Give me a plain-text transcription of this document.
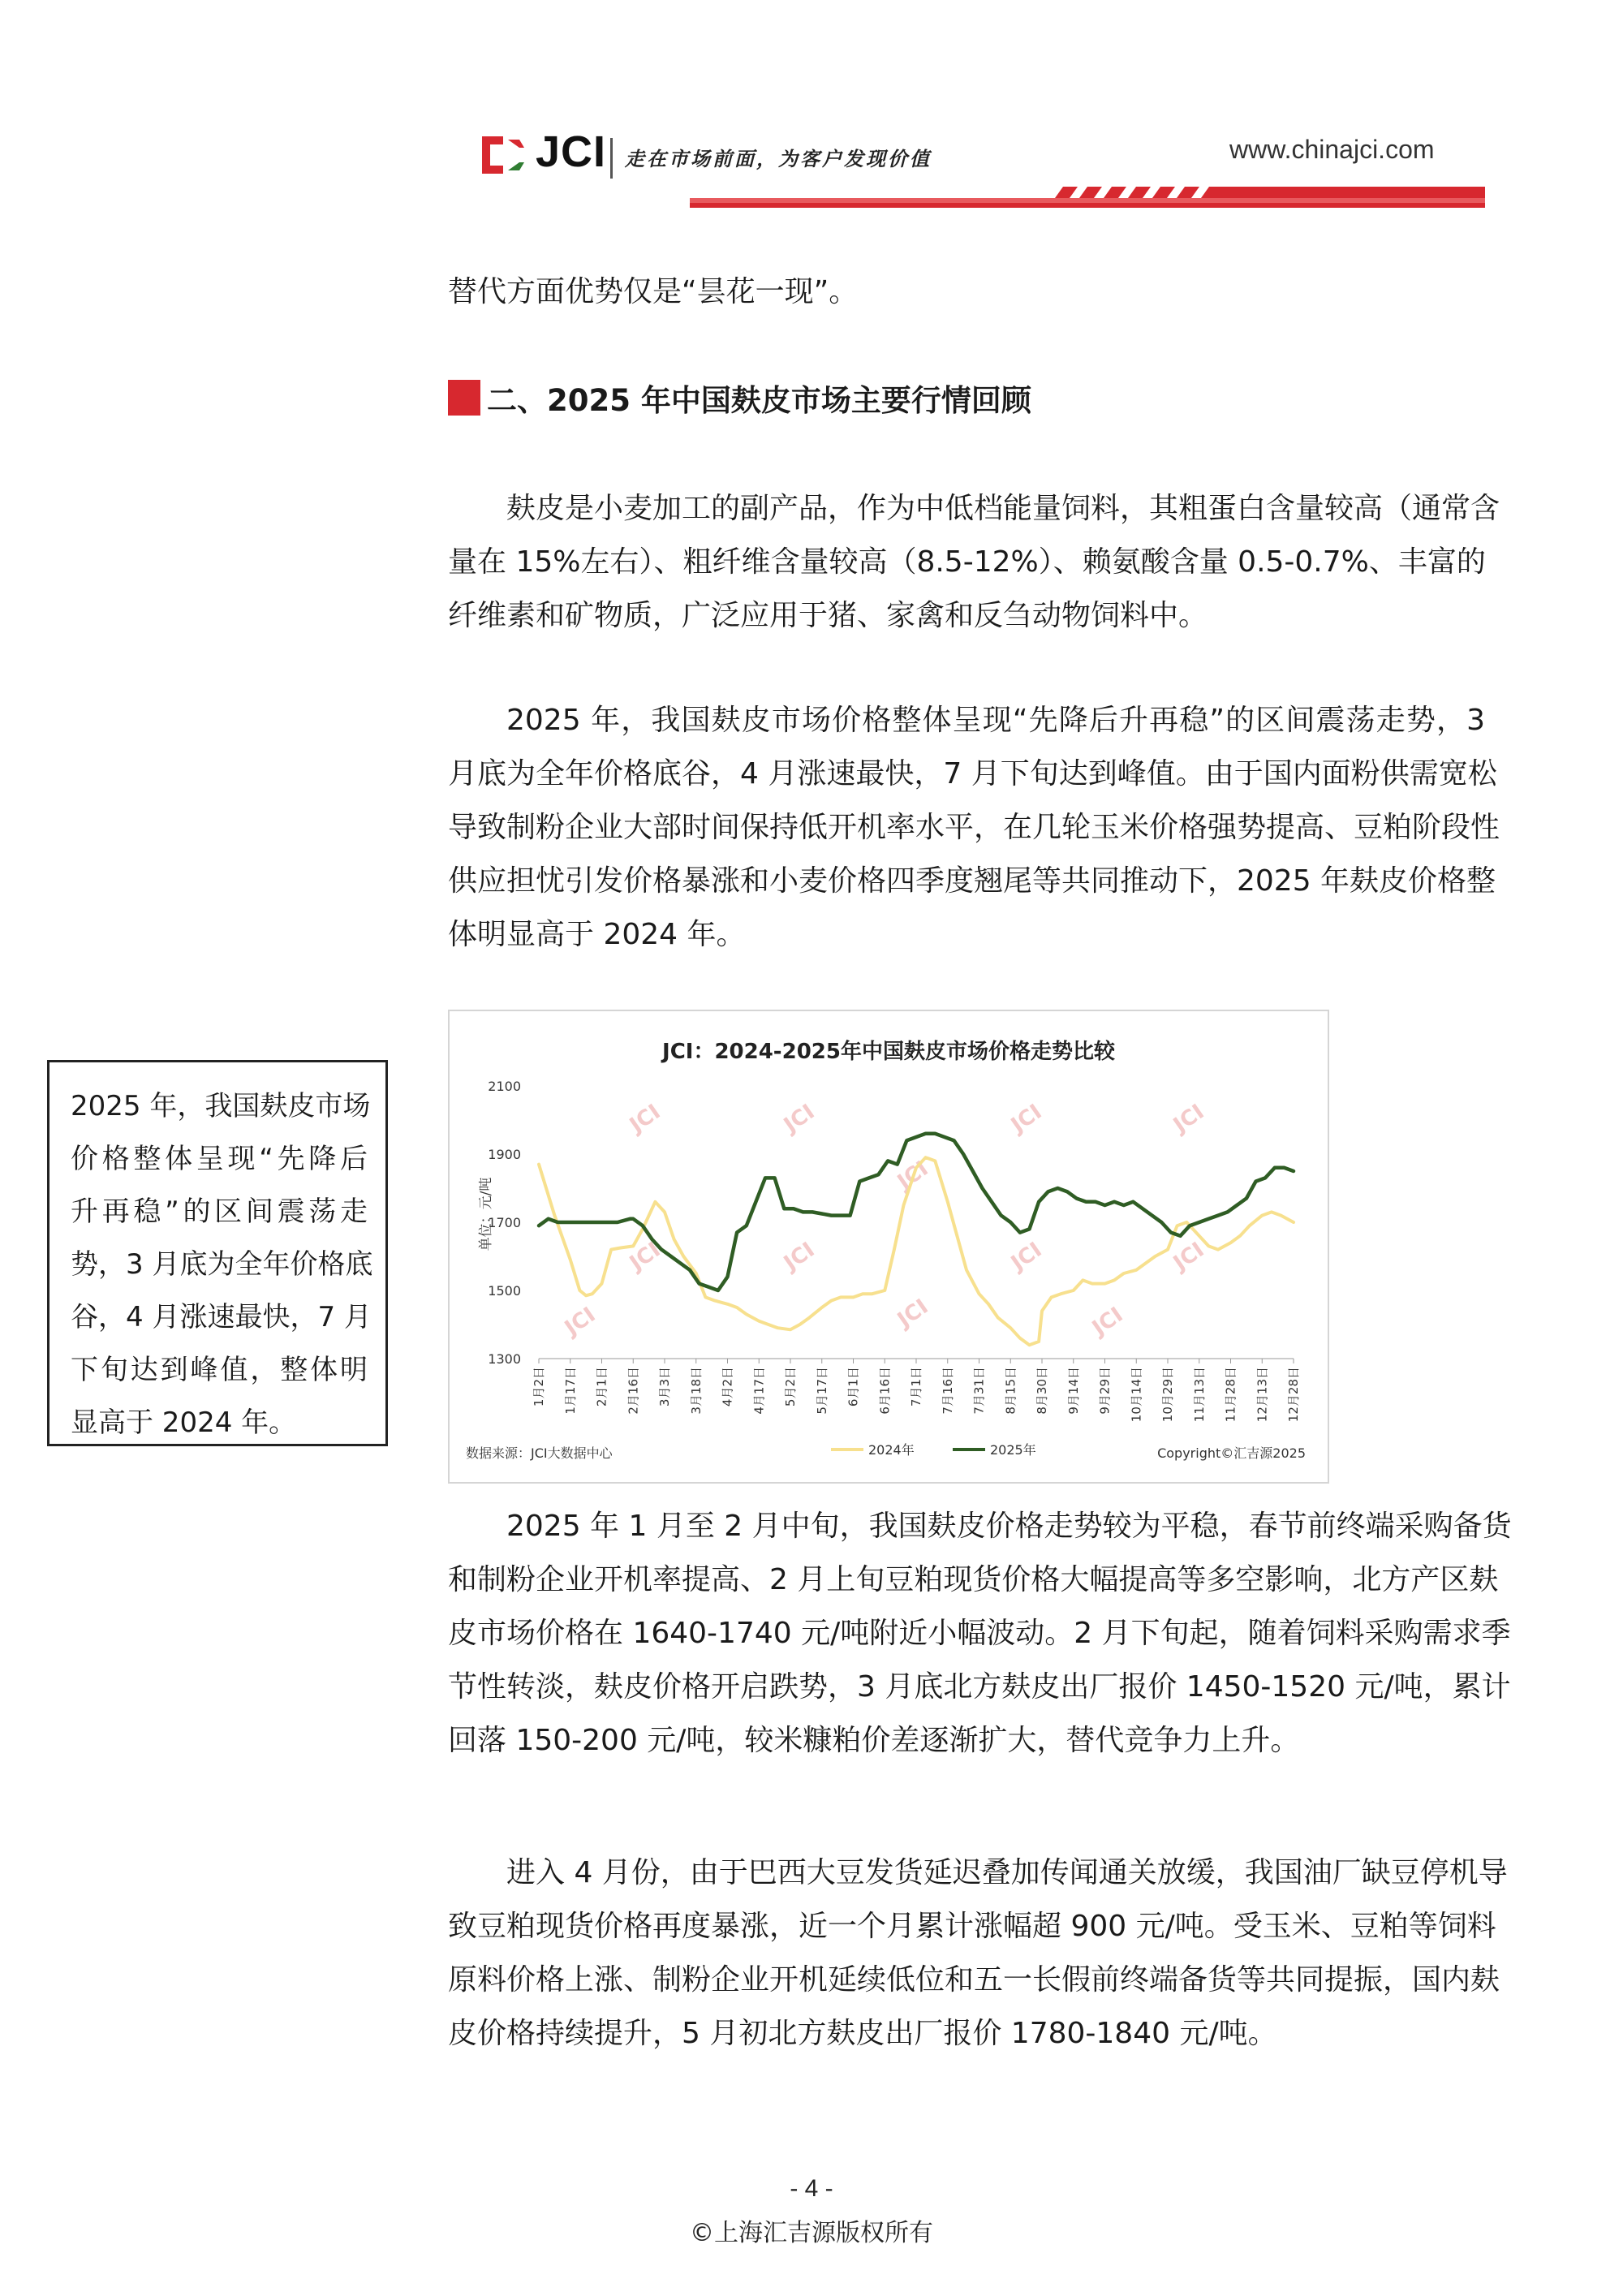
JCI 走在市场前面，为客户发现价值	www.chinajci.com
替代方面优势仅是“昙花一现”。
二、2025 年中国麸皮市场主要行情回顾
麸皮是小麦加工的副产品，作为中低档能量饲料，其粗蛋白含量较高（通常含
量在 15%左右）、粗纤维含量较高（8.5-12%）、赖氨酸含量 0.5-0.7%、丰富的
纤维素和矿物质，广泛应用于猪、家禽和反刍动物饲料中。
2025 年，我国麸皮市场价格整体呈现“先降后升再稳”的区间震荡走势，3
月底为全年价格底谷，4 月涨速最快，7 月下旬达到峰值。由于国内面粉供需宽松
导致制粉企业大部时间保持低开机率水平，在几轮玉米价格强势提高、豆粕阶段性
供应担忧引发价格暴涨和小麦价格四季度翘尾等共同推动下，2025 年麸皮价格整
体明显高于 2024 年。
JCI：2024-2025年中国麸皮市场价格走势比较
单位：元/吨
JCI	JCI	JCI	JCI
JCI	JCI	JCI	JCI
JCI
JCI
JCI	JCI
1300
1500
1700
1900
2100
1月2日 1月17日 2月1日 2月16日 3月3日 3月18日 4月2日 4月17日 5月2日 5月17日 6月1日 6月16日 7月1日 7月16日 7月31日 8月15日 8月30日 9月14日 9月29日 10月14日 10月29日 11月13日 11月28日 12月13日 12月28日
2024年	2025年
数据来源：JCI大数据中心	Copyright©汇吉源2025
2025 年，我国麸皮市场
价格整体呈现“先降后
升再稳”的区间震荡走
势，3 月底为全年价格底
谷，4 月涨速最快，7 月
下旬达到峰值，整体明
显高于 2024 年。
2025 年 1 月至 2 月中旬，我国麸皮价格走势较为平稳，春节前终端采购备货
和制粉企业开机率提高、2 月上旬豆粕现货价格大幅提高等多空影响，北方产区麸
皮市场价格在 1640-1740 元/吨附近小幅波动。2 月下旬起，随着饲料采购需求季
节性转淡，麸皮价格开启跌势，3 月底北方麸皮出厂报价 1450-1520 元/吨，累计
回落 150-200 元/吨，较米糠粕价差逐渐扩大，替代竞争力上升。
进入 4 月份，由于巴西大豆发货延迟叠加传闻通关放缓，我国油厂缺豆停机导
致豆粕现货价格再度暴涨，近一个月累计涨幅超 900 元/吨。受玉米、豆粕等饲料
原料价格上涨、制粉企业开机延续低位和五一长假前终端备货等共同提振，国内麸
皮价格持续提升，5 月初北方麸皮出厂报价 1780-1840 元/吨。
- 4 -
©上海汇吉源版权所有
